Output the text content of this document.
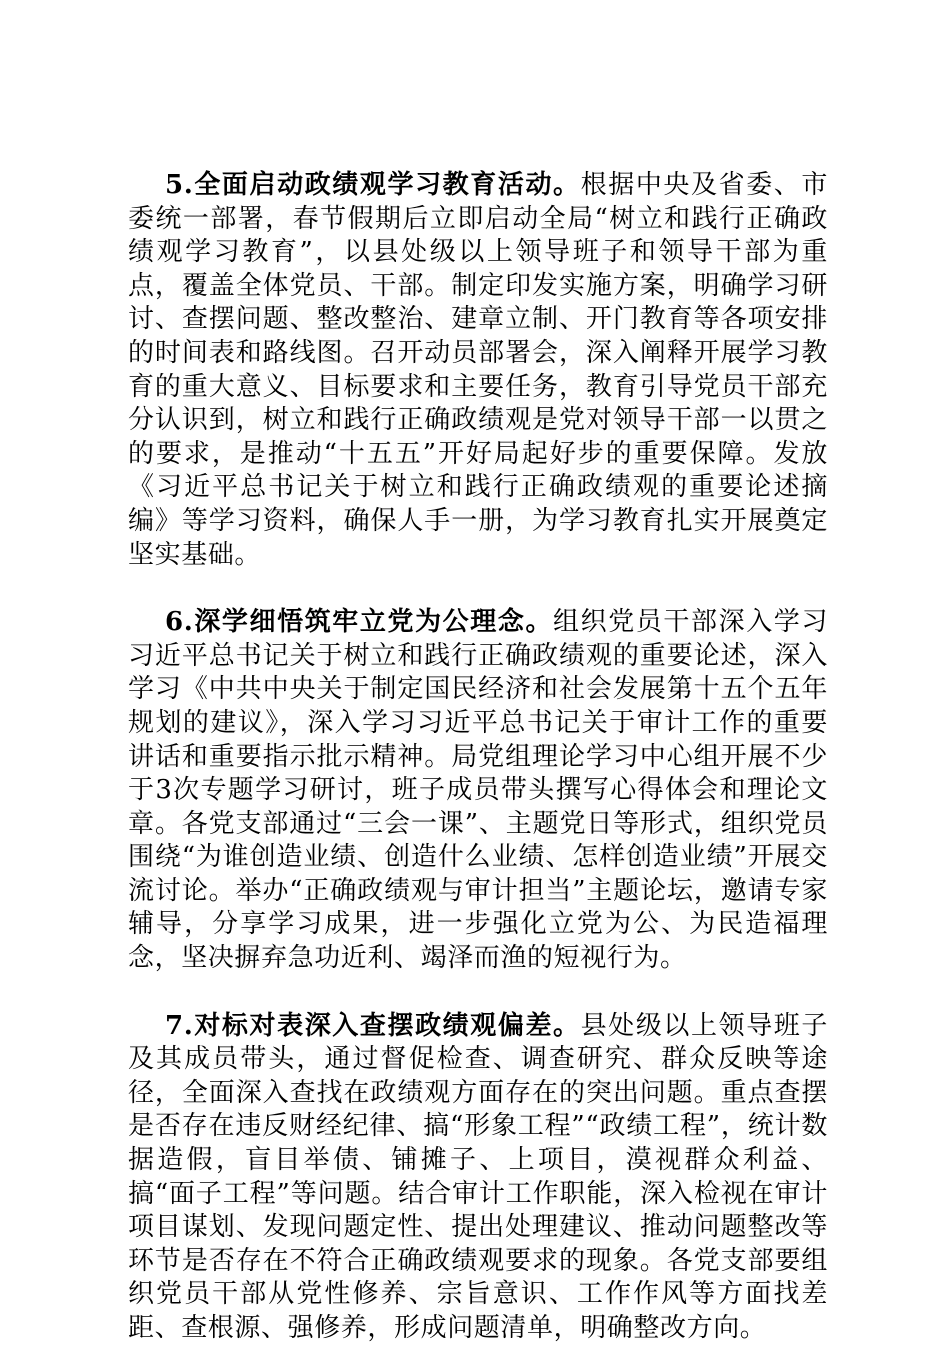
5.全面启动政绩观学习教育活动。根据中央及省委、市委统一部署，春节假期后立即启动全局“树立和践行正确政绩观学习教育”，以县处级以上领导班子和领导干部为重点，覆盖全体党员、干部。制定印发实施方案，明确学习研讨、查摆问题、整改整治、建章立制、开门教育等各项安排的时间表和路线图。召开动员部署会，深入阐释开展学习教育的重大意义、目标要求和主要任务，教育引导党员干部充分认识到，树立和践行正确政绩观是党对领导干部一以贯之的要求，是推动“十五五”开好局起好步的重要保障。发放《习近平总书记关于树立和践行正确政绩观的重要论述摘编》等学习资料，确保人手一册，为学习教育扎实开展奠定坚实基础。

6.深学细悟筑牢立党为公理念。组织党员干部深入学习习近平总书记关于树立和践行正确政绩观的重要论述，深入学习《中共中央关于制定国民经济和社会发展第十五个五年规划的建议》，深入学习习近平总书记关于审计工作的重要讲话和重要指示批示精神。局党组理论学习中心组开展不少于3次专题学习研讨，班子成员带头撰写心得体会和理论文章。各党支部通过“三会一课”、主题党日等形式，组织党员围绕“为谁创造业绩、创造什么业绩、怎样创造业绩”开展交流讨论。举办“正确政绩观与审计担当”主题论坛，邀请专家辅导，分享学习成果，进一步强化立党为公、为民造福理念，坚决摒弃急功近利、竭泽而渔的短视行为。

7.对标对表深入查摆政绩观偏差。县处级以上领导班子及其成员带头，通过督促检查、调查研究、群众反映等途径，全面深入查找在政绩观方面存在的突出问题。重点查摆是否存在违反财经纪律、搞“形象工程”“政绩工程”，统计数据造假，盲目举债、铺摊子、上项目，漠视群众利益、搞“面子工程”等问题。结合审计工作职能，深入检视在审计项目谋划、发现问题定性、提出处理建议、推动问题整改等环节是否存在不符合正确政绩观要求的现象。各党支部要组织党员干部从党性修养、宗旨意识、工作作风等方面找差距、查根源、强修养，形成问题清单，明确整改方向。
